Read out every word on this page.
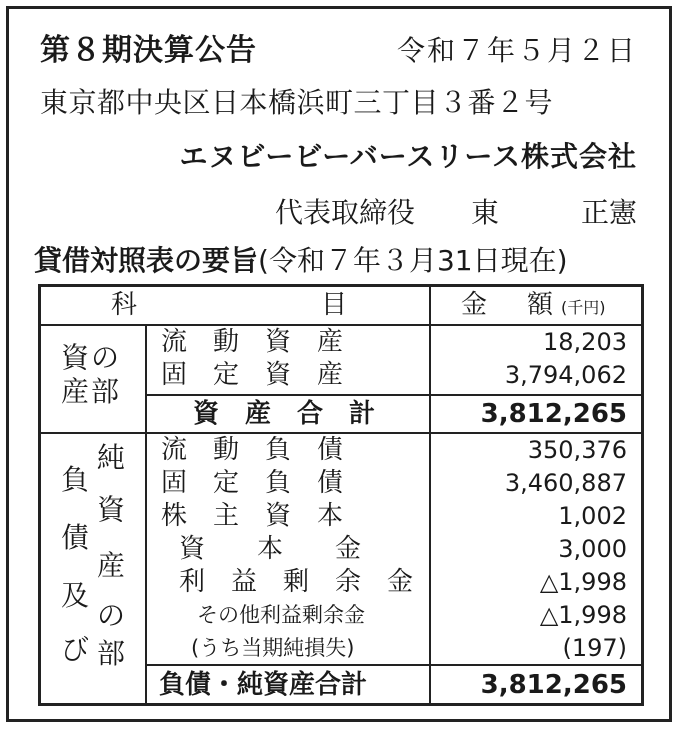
第８期決算公告	令和７年５月２日
東京都中央区日本橋浜町三丁目３番２号
エヌビービーバースリース株式会社
代表取締役 東	正憲
貸借対照表の要旨(令和７年３月31日現在)
科	目	金 額 (千円)
資の
産部
流　動　資　産	18,203
固　定　資　産	3,794,062
資　産　合　計	3,812,265
負
債
及
び
純
資
産
の
部
流　動　負　債	350,376
固　定　負　債	3,460,887
株　主　資　本	1,002
資　　本　　金	3,000
利　益　剰　余　金	△1,998
その他利益剰余金	△1,998
(うち当期純損失)	(197)
負債・純資産合計	3,812,265
